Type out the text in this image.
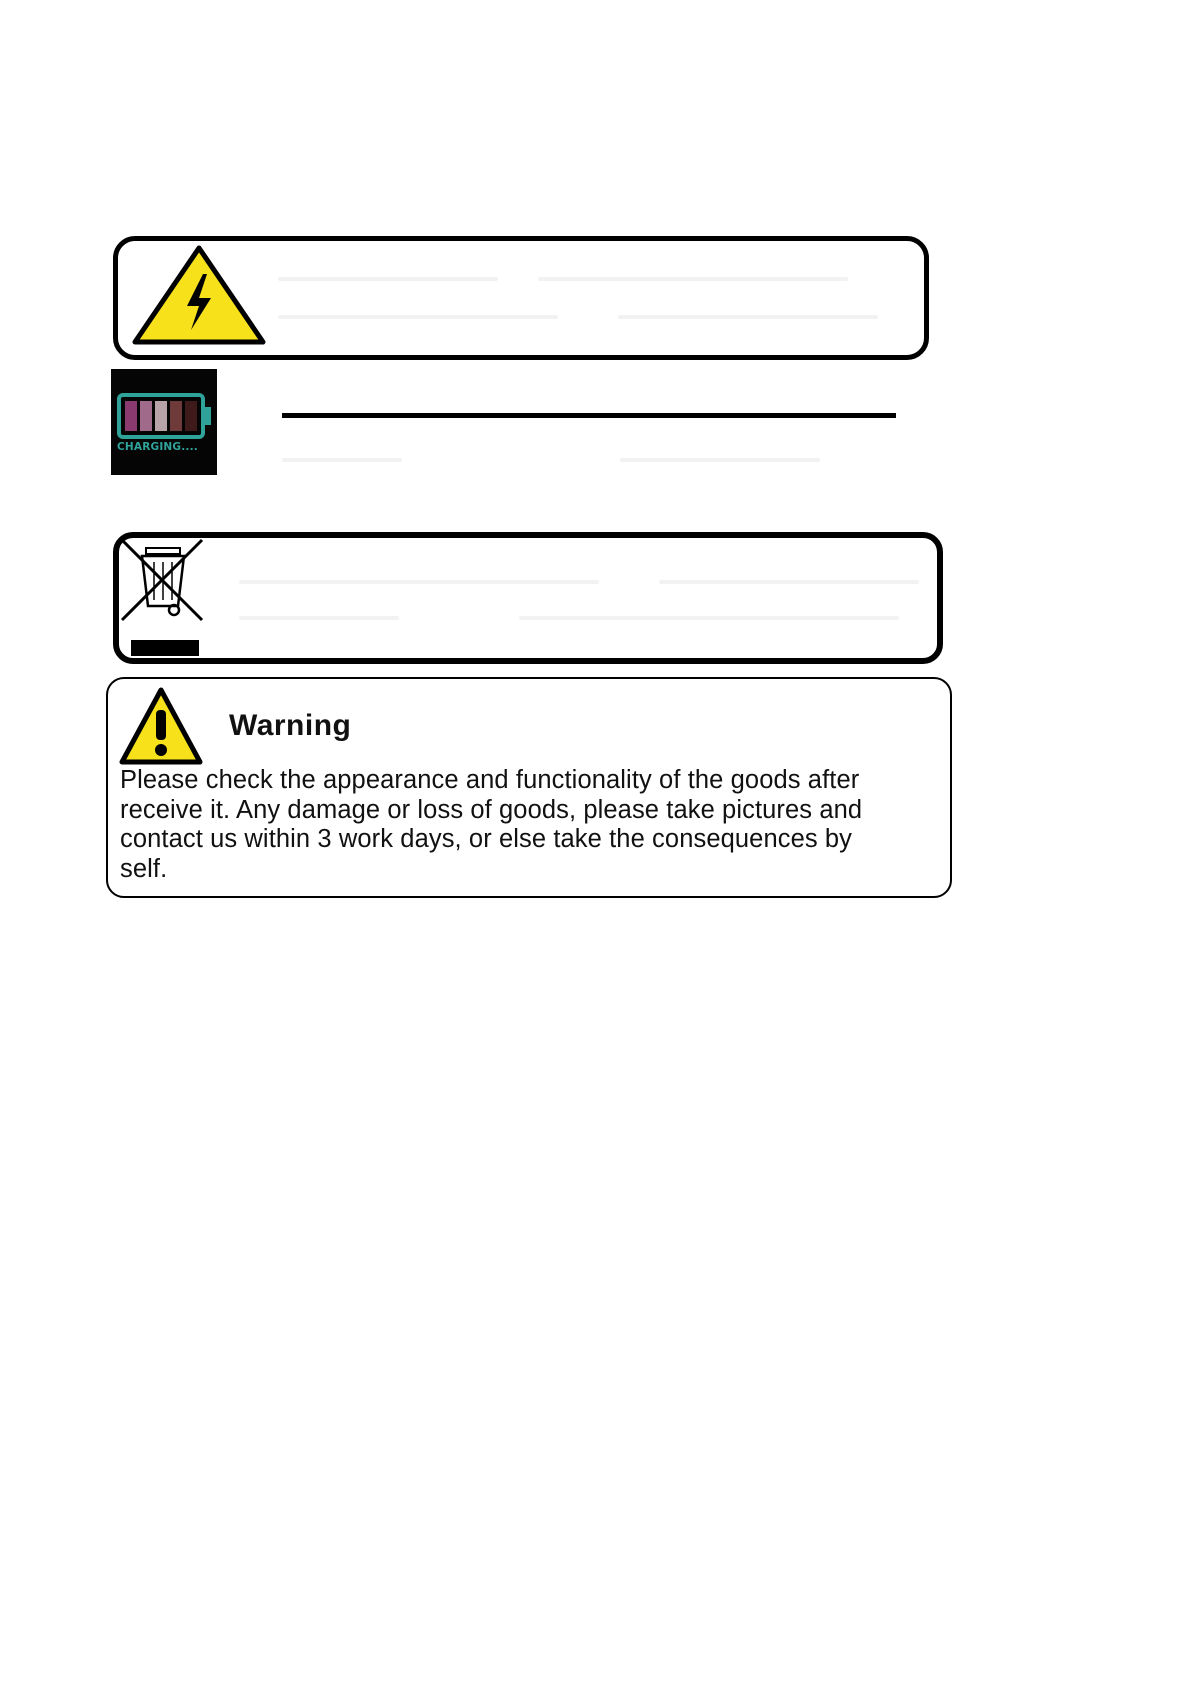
CHARGING....
Warning
Please check the appearance and functionality of the goods after
receive it. Any damage or loss of goods, please take pictures and
contact us within 3 work days, or else take the consequences by
self.
